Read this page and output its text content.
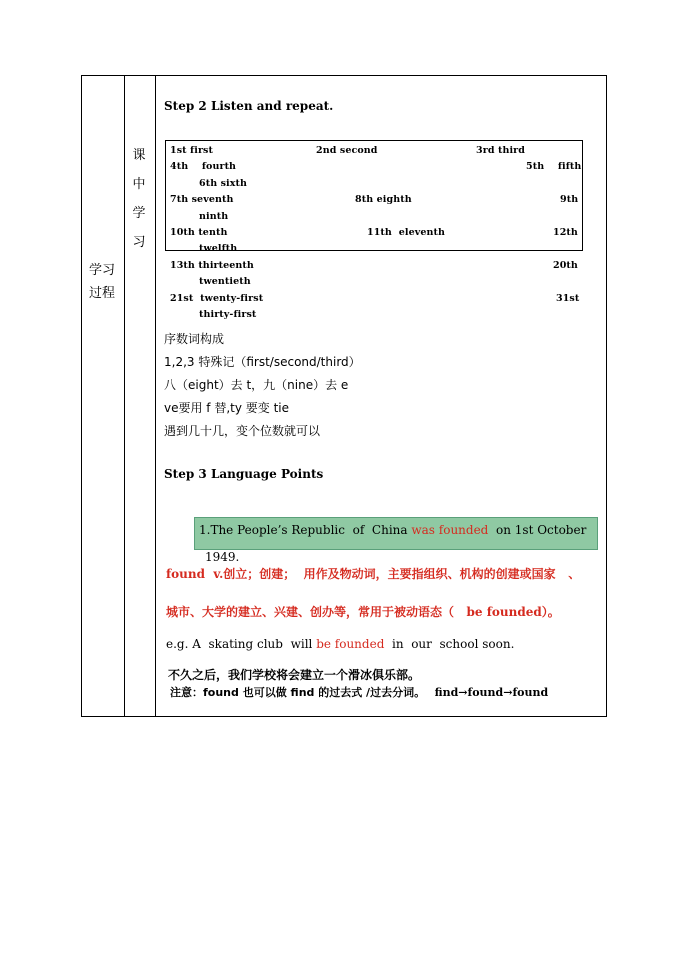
学习
过程
课
中
学
习
Step 2 Listen and repeat.
1st first	2nd second	3rd third
4th    fourth	5th    fifth
6th sixth
7th seventh	8th eighth	9th
ninth
10th tenth	11th  eleventh	12th
twelfth
13th thirteenth	20th
twentieth
21st  twenty-first	31st
thirty-first
序数词构成
1,2,3 特殊记（first/second/third）
八（eight）去 t，九（nine）去 e
ve要用 f 替,ty 要变 tie
遇到几十几，变个位数就可以
Step 3 Language Points
1.The People’s Republic  of  China was founded  on 1st October
1949.
found  v.创立；创建；  用作及物动词，主要指组织、机构的创建或国家   、
城市、大学的建立、兴建、创办等，常用于被动语态（   be founded）。
e.g. A  skating club  will be founded  in  our  school soon.
不久之后，我们学校将会建立一个滑冰俱乐部。
注意：found 也可以做 find 的过去式 /过去分词。 find→found→found
